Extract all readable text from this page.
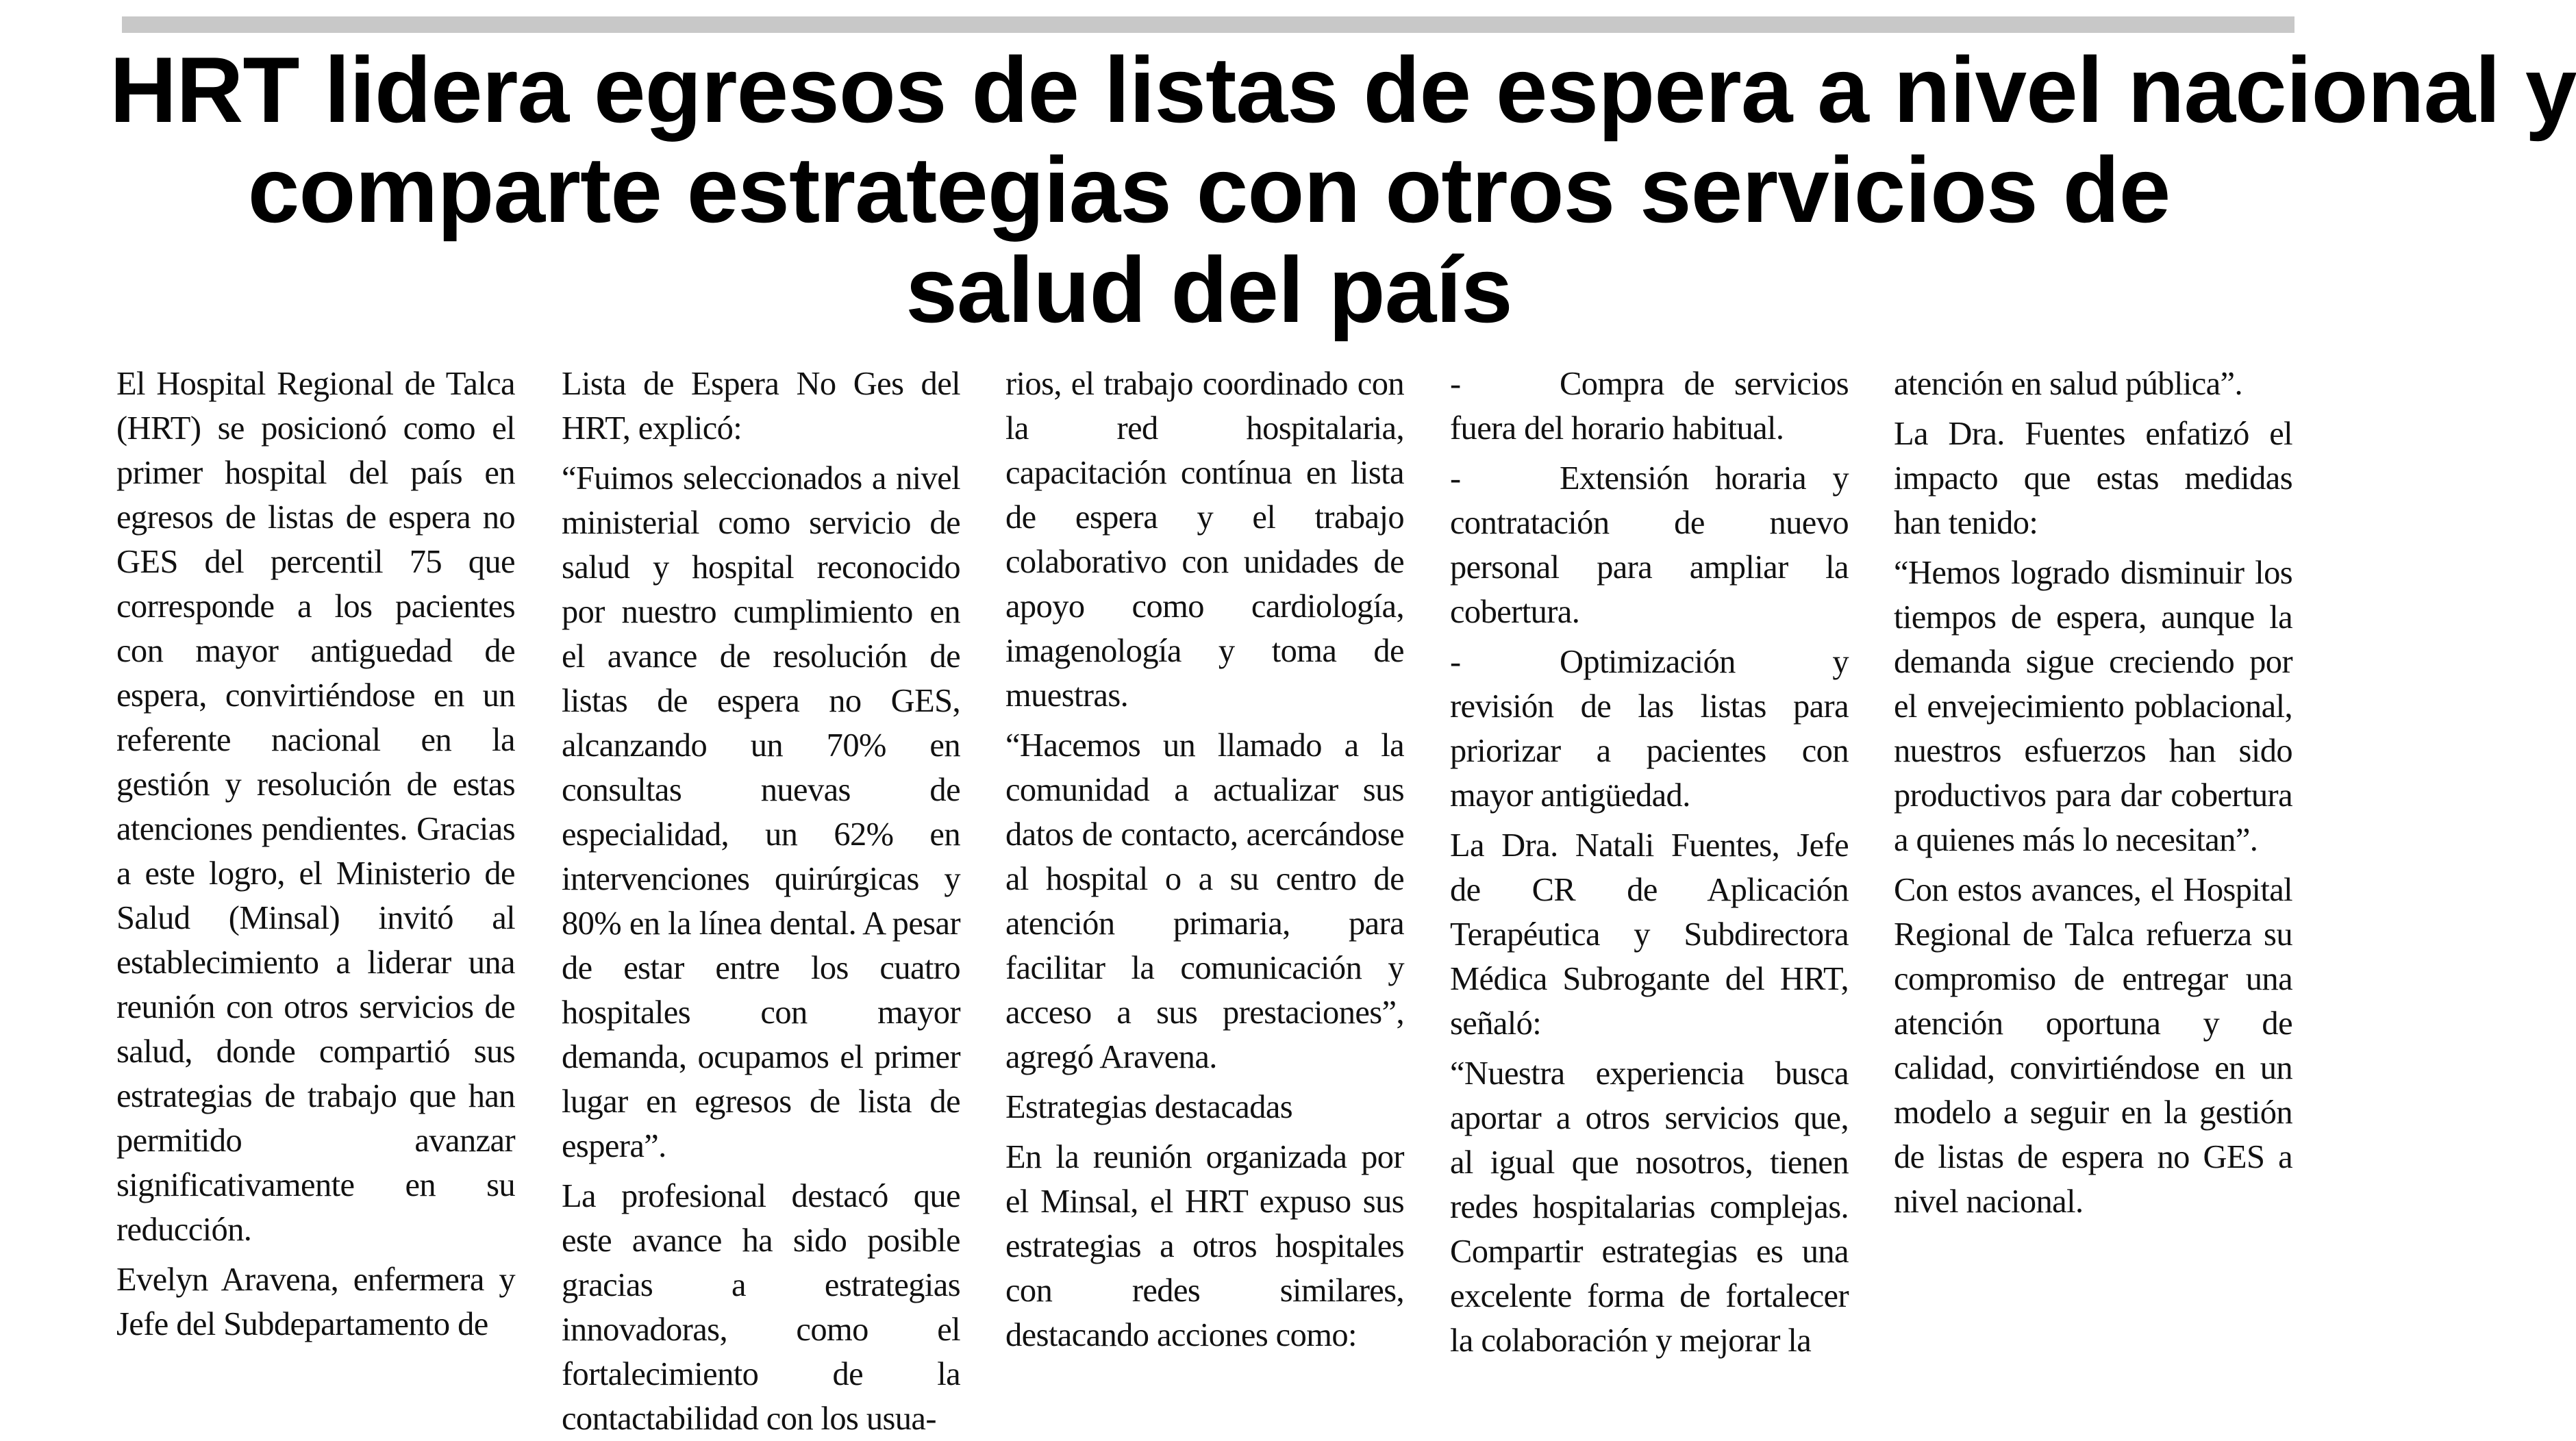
HRT lidera egresos de listas de espera a nivel nacional y
comparte estrategias con otros servicios de
salud del país

El Hospital Regional de Talca (HRT) se posicionó como el primer hospital del país en egresos de listas de espera no GES del percentil 75 que corresponde a los pacientes con mayor antiguedad de espera, convirtiéndose en un referente nacional en la gestión y resolución de estas atenciones pendientes. Gracias a este logro, el Ministerio de Salud (Minsal) invitó al establecimiento a liderar una reunión con otros servicios de salud, donde compartió sus estrategias de trabajo que han permitido avanzar significativamente en su reducción.

Evelyn Aravena, enfermera y Jefe del Subdepartamento de

Lista de Espera No Ges del HRT, explicó:

“Fuimos seleccionados a nivel ministerial como servicio de salud y hospital reconocido por nuestro cumplimiento en el avance de resolución de listas de espera no GES, alcanzando un 70% en consultas nuevas de especialidad, un 62% en intervenciones quirúrgicas y 80% en la línea dental. A pesar de estar entre los cuatro hospitales con mayor demanda, ocupamos el primer lugar en egresos de lista de espera”.

La profesional destacó que este avance ha sido posible gracias a estrategias innovadoras, como el fortalecimiento de la contactabilidad con los usua-

rios, el trabajo coordinado con la red hospitalaria, capacitación contínua en lista de espera y el trabajo colaborativo con unidades de apoyo como cardiología, imagenología y toma de muestras.

“Hacemos un llamado a la comunidad a actualizar sus datos de contacto, acercándose al hospital o a su centro de atención primaria, para facilitar la comunicación y acceso a sus prestaciones”, agregó Aravena.

Estrategias destacadas

En la reunión organizada por el Minsal, el HRT expuso sus estrategias a otros hospitales con redes similares, destacando acciones como:

-	Compra de servicios fuera del horario habitual.

-	Extensión horaria y contratación de nuevo personal para ampliar la cobertura.

-	Optimización y revisión de las listas para priorizar a pacientes con mayor antigüedad.

La Dra. Natali Fuentes, Jefe de CR de Aplicación Terapéutica y Subdirectora Médica Subrogante del HRT, señaló:

“Nuestra experiencia busca aportar a otros servicios que, al igual que nosotros, tienen redes hospitalarias complejas. Compartir estrategias es una excelente forma de fortalecer la colaboración y mejorar la

atención en salud pública”.

La Dra. Fuentes enfatizó el impacto que estas medidas han tenido:

“Hemos logrado disminuir los tiempos de espera, aunque la demanda sigue creciendo por el envejecimiento poblacional, nuestros esfuerzos han sido productivos para dar cobertura a quienes más lo necesitan”.

Con estos avances, el Hospital Regional de Talca refuerza su compromiso de entregar una atención oportuna y de calidad, convirtiéndose en un modelo a seguir en la gestión de listas de espera no GES a nivel nacional.
